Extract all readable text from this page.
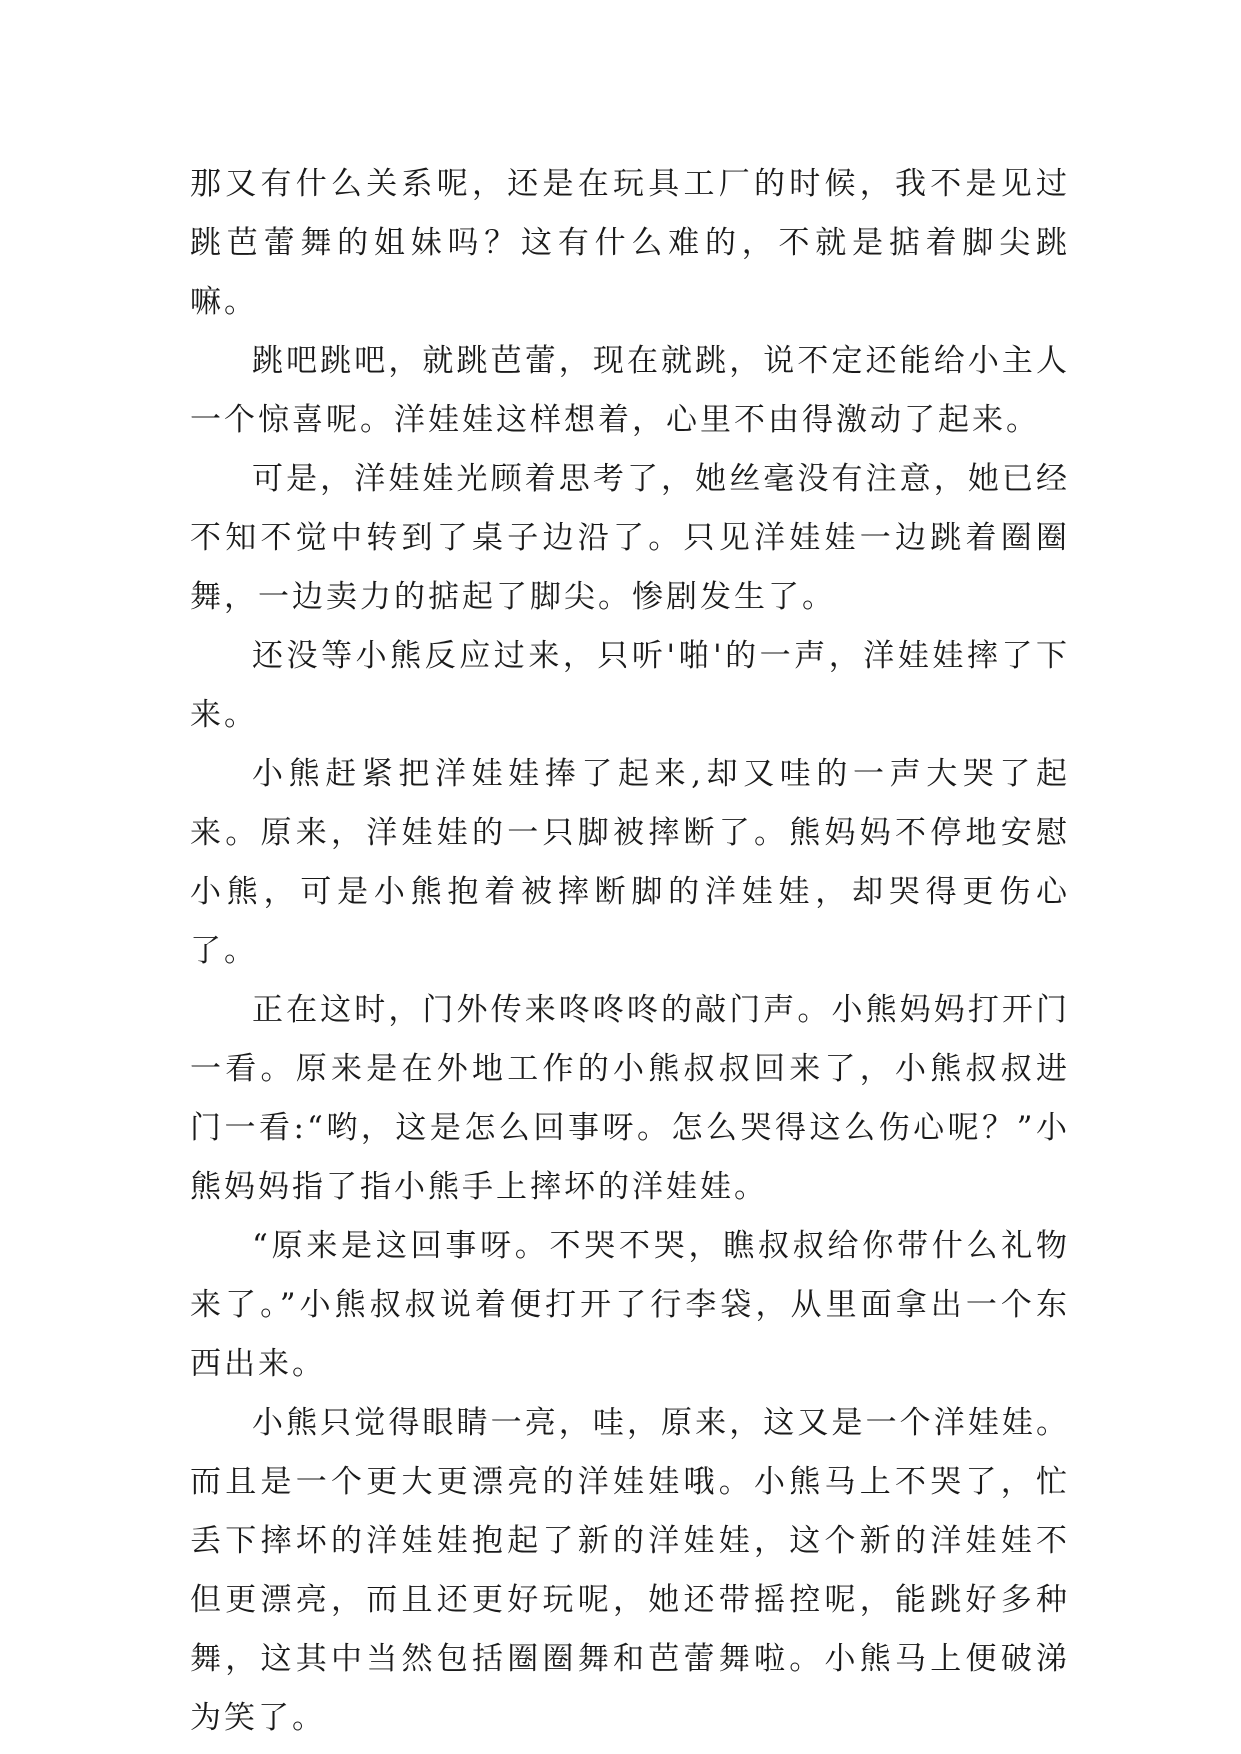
那又有什么关系呢，还是在玩具工厂的时候，我不是见过跳芭蕾舞的姐妹吗？这有什么难的，不就是掂着脚尖跳嘛。

跳吧跳吧，就跳芭蕾，现在就跳，说不定还能给小主人一个惊喜呢。洋娃娃这样想着，心里不由得激动了起来。

可是，洋娃娃光顾着思考了，她丝毫没有注意，她已经不知不觉中转到了桌子边沿了。只见洋娃娃一边跳着圈圈舞，一边卖力的掂起了脚尖。惨剧发生了。

还没等小熊反应过来，只听'啪'的一声，洋娃娃摔了下来。

小熊赶紧把洋娃娃捧了起来,却又哇的一声大哭了起来。原来，洋娃娃的一只脚被摔断了。熊妈妈不停地安慰小熊，可是小熊抱着被摔断脚的洋娃娃，却哭得更伤心了。

正在这时，门外传来咚咚咚的敲门声。小熊妈妈打开门一看。原来是在外地工作的小熊叔叔回来了，小熊叔叔进门一看:“哟，这是怎么回事呀。怎么哭得这么伤心呢？”小熊妈妈指了指小熊手上摔坏的洋娃娃。

“原来是这回事呀。不哭不哭，瞧叔叔给你带什么礼物来了。”小熊叔叔说着便打开了行李袋，从里面拿出一个东西出来。

小熊只觉得眼睛一亮，哇，原来，这又是一个洋娃娃。而且是一个更大更漂亮的洋娃娃哦。小熊马上不哭了，忙丢下摔坏的洋娃娃抱起了新的洋娃娃，这个新的洋娃娃不但更漂亮，而且还更好玩呢，她还带摇控呢，能跳好多种舞，这其中当然包括圈圈舞和芭蕾舞啦。小熊马上便破涕为笑了。
